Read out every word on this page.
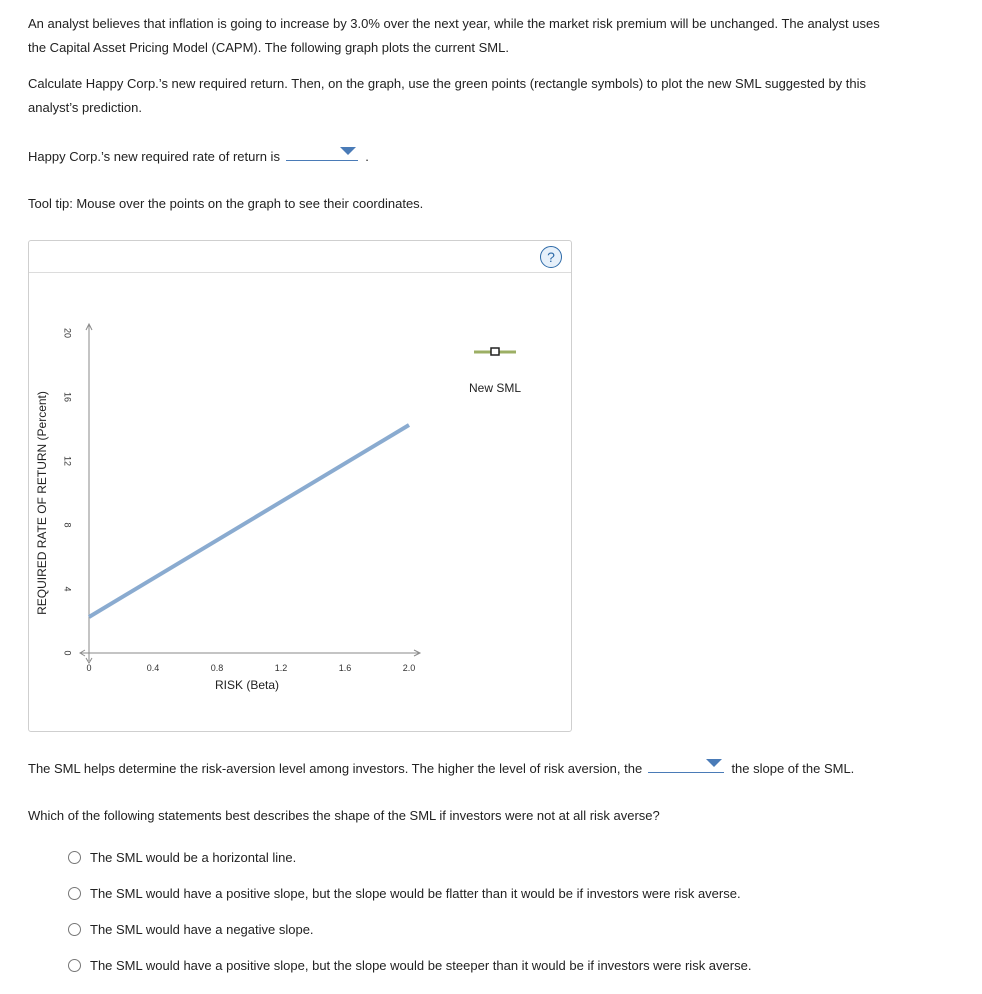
An analyst believes that inflation is going to increase by 3.0% over the next year, while the market risk premium will be unchanged. The analyst uses
the Capital Asset Pricing Model (CAPM). The following graph plots the current SML.

Calculate Happy Corp.’s new required return. Then, on the graph, use the green points (rectangle symbols) to plot the new SML suggested by this
analyst’s prediction.

Happy Corp.’s new required rate of return is	.

Tool tip: Mouse over the points on the graph to see their coordinates.

?
0	0.4	0.8	1.2	1.6	2.0
0
4
8
12
16
20
RISK (Beta)
REQUIRED RATE OF RETURN (Percent)
New SML

The SML helps determine the risk-aversion level among investors. The higher the level of risk aversion, the	the slope of the SML.

Which of the following statements best describes the shape of the SML if investors were not at all risk averse?

The SML would be a horizontal line.
The SML would have a positive slope, but the slope would be flatter than it would be if investors were risk averse.
The SML would have a negative slope.
The SML would have a positive slope, but the slope would be steeper than it would be if investors were risk averse.
